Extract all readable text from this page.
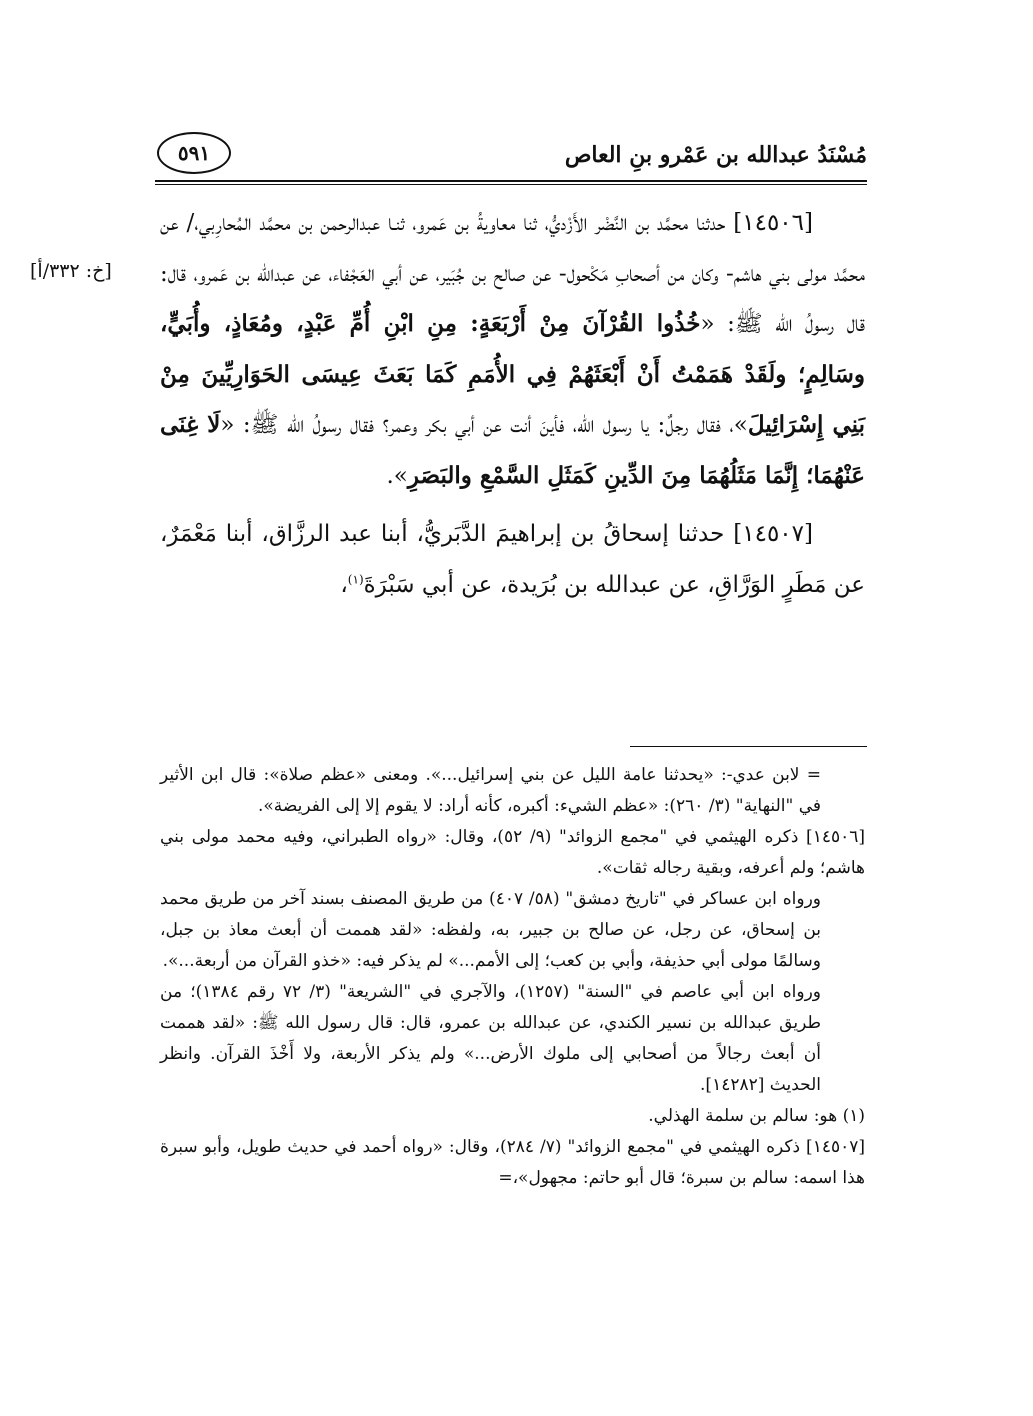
مُسْنَدُ عبدالله بن عَمْرو بنِ العاص
٥٩١
[خ: ٣٣٢/أ]

[١٤٥٠٦] حدثنا محمَّد بن النَّضْر الأَزْديُّ، ثنا معاويةُ بن عَمرو، ثنـا عبدالرحمن بن محمَّد المُحارِبي،/ عن محمَّد مولى بني هاشم- وكان من أصحابِ مَكْحول- عن صالح بن جُبَير، عن أبي العَجْفاء، عن عبدالله بن عَمرو، قال: قال رسولُ الله ﷺ: «خُذُوا القُرْآنَ مِنْ أَرْبَعَةٍ: مِنِ ابْنِ أُمِّ عَبْدٍ، ومُعَاذٍ، وأُبَيٍّ، وسَالِمٍ؛ ولَقَدْ هَمَمْتُ أَنْ أَبْعَثَهُمْ فِي الأُمَمِ كَمَا بَعَثَ عِيسَى الحَوَارِيِّينَ مِنْ بَنِي إِسْرَائِيلَ»، فقال رجلٌ: يا رسول الله، فأينَ أنت عن أبي بكر وعمر؟ فقال رسولُ الله ﷺ: «لَا غِنَى عَنْهُمَا؛ إِنَّمَا مَثَلُهُمَا مِنَ الدِّينِ كَمَثَلِ السَّمْعِ والبَصَرِ».

[١٤٥٠٧] حدثنا إسحاقُ بن إبراهيمَ الدَّبَريُّ، أبنا عبد الرزَّاق، أبنا مَعْمَرٌ، عن مَطَرٍ الوَرَّاقِ، عن عبدالله بن بُرَيدة، عن أبي سَبْرَةَ$^{(١)}$،

= لابن عدي-: «يحدثنا عامة الليل عن بني إسرائيل...». ومعنى «عظم صلاة»: قال ابن الأثير في "النهاية" (٣/ ٢٦٠): «عظم الشيء: أكبره، كأنه أراد: لا يقوم إلا إلى الفريضة».

[١٤٥٠٦] ذكره الهيثمي في "مجمع الزوائد" (٩/ ٥٢)، وقال: «رواه الطبراني، وفيه محمد مولى بني هاشم؛ ولم أعرفه، وبقية رجاله ثقات».

ورواه ابن عساكر في "تاريخ دمشق" (٥٨/ ٤٠٧) من طريق المصنف بسند آخر من طريق محمد بن إسحاق، عن رجل، عن صالح بن جبير، به، ولفظه: «لقد هممت أن أبعث معاذ بن جبل، وسالمًا مولى أبي حذيفة، وأبي بن كعب؛ إلى الأمم...» لم يذكر فيه: «خذو القرآن من أربعة...».

ورواه ابن أبي عاصم في "السنة" (١٢٥٧)، والآجري في "الشريعة" (٣/ ٧٢ رقم ١٣٨٤)؛ من طريق عبدالله بن نسير الكندي، عن عبدالله بن عمرو، قال: قال رسول الله ﷺ: «لقد هممت أن أبعث رجالاً من أصحابي إلى ملوك الأرض...» ولم يذكر الأربعة، ولا أَخْذَ القرآن. وانظر الحديث [١٤٢٨٢].

(١) هو: سالم بن سلمة الهذلي.

[١٤٥٠٧] ذكره الهيثمي في "مجمع الزوائد" (٧/ ٢٨٤)، وقال: «رواه أحمد في حديث طويل، وأبو سبرة هذا اسمه: سالم بن سبرة؛ قال أبو حاتم: مجهول»،=
